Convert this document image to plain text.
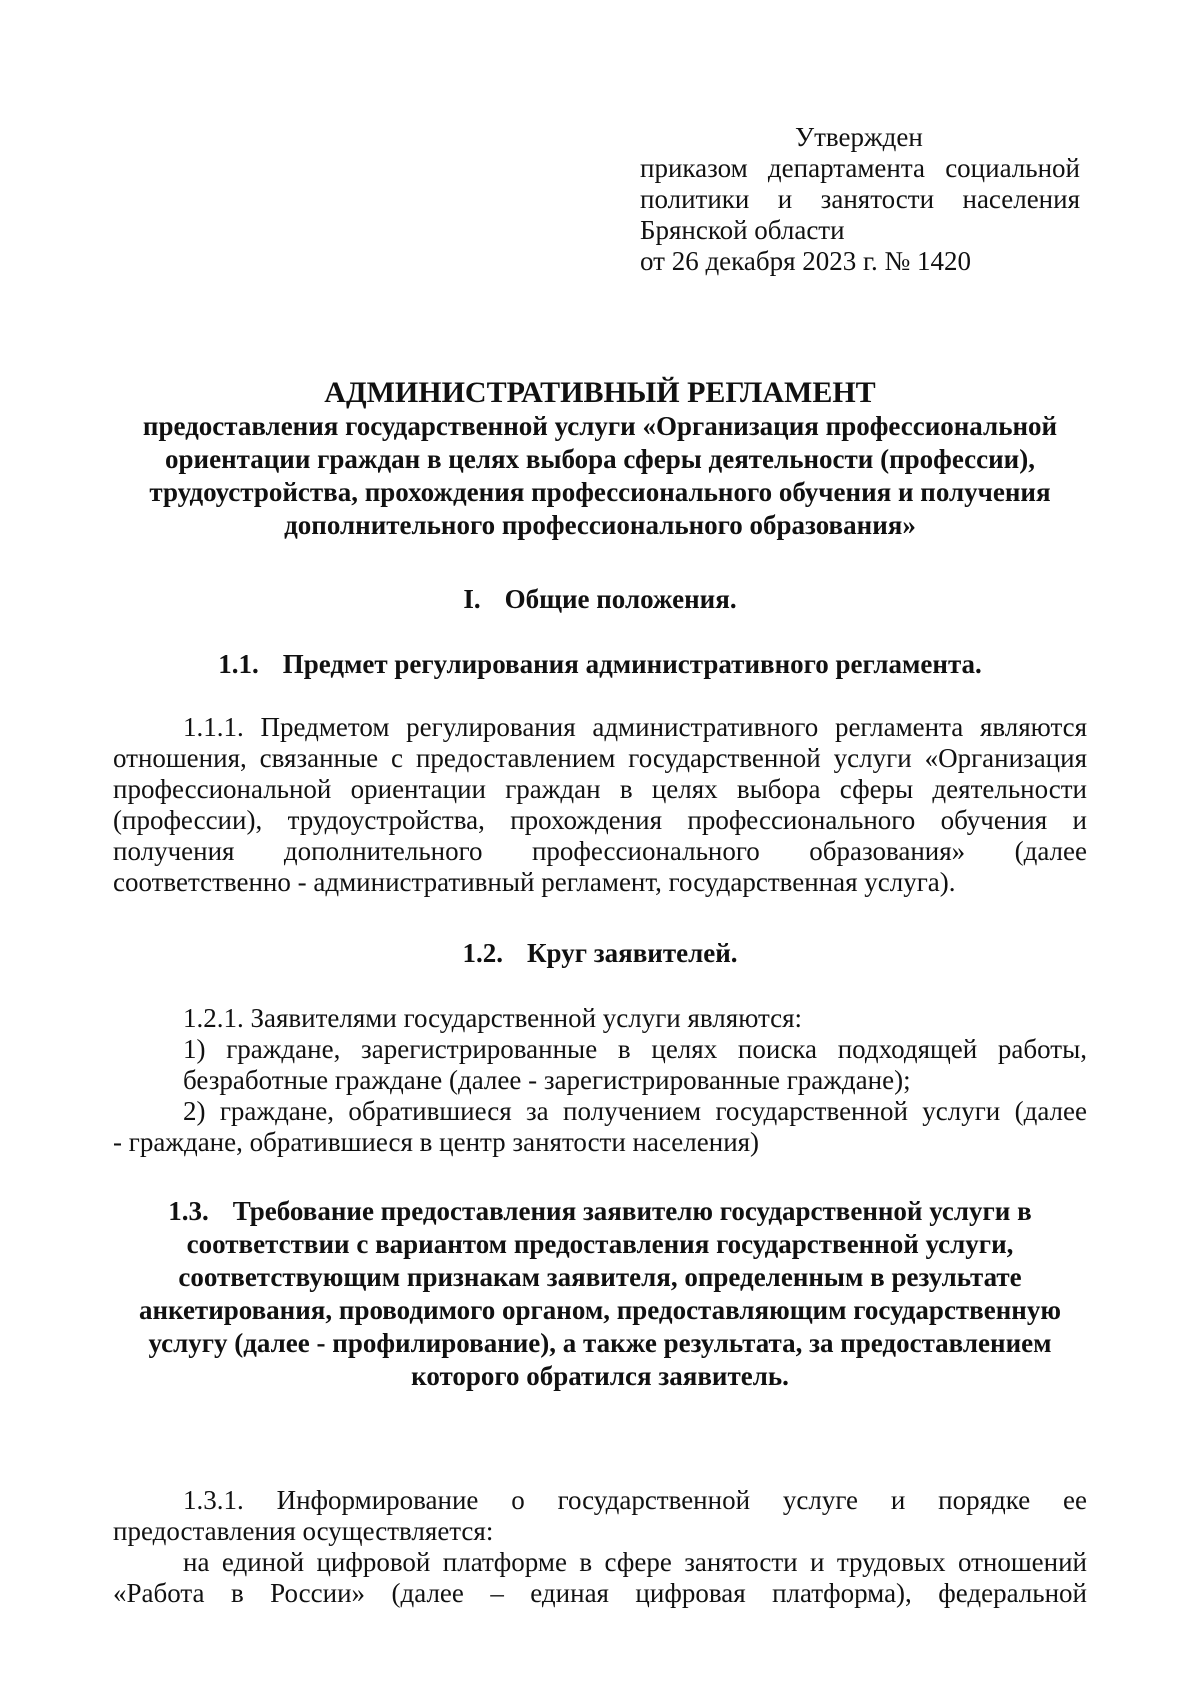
Утвержден
приказом департамента социальной
политики и занятости населения
Брянской области
от 26 декабря 2023 г. № 1420

АДМИНИСТРАТИВНЫЙ РЕГЛАМЕНТ

предоставления государственной услуги «Организация профессиональной

ориентации граждан в целях выбора сферы деятельности (профессии),

трудоустройства, прохождения профессионального обучения и получения

дополнительного профессионального образования»

I. Общие положения.
1.1. Предмет регулирования административного регламента.

1.1.1. Предметом регулирования административного регламента являются

отношения, связанные с предоставлением государственной услуги «Организация

профессиональной ориентации граждан в целях выбора сферы деятельности

(профессии), трудоустройства, прохождения профессионального обучения и

получения дополнительного профессионального образования» (далее

соответственно - административный регламент, государственная услуга).

1.2. Круг заявителей.

1.2.1. Заявителями государственной услуги являются:

1) граждане, зарегистрированные в целях поиска подходящей работы,

безработные граждане (далее - зарегистрированные граждане);

2) граждане, обратившиеся за получением государственной услуги (далее

- граждане, обратившиеся в центр занятости населения)

1.3. Требование предоставления заявителю государственной услуги в
соответствии с вариантом предоставления государственной услуги,
соответствующим признакам заявителя, определенным в результате
анкетирования, проводимого органом, предоставляющим государственную
услугу (далее - профилирование), а также результата, за предоставлением
которого обратился заявитель.

1.3.1. Информирование о государственной услуге и порядке ее

предоставления осуществляется:

на единой цифровой платформе в сфере занятости и трудовых отношений

«Работа в России» (далее – единая цифровая платформа), федеральной
